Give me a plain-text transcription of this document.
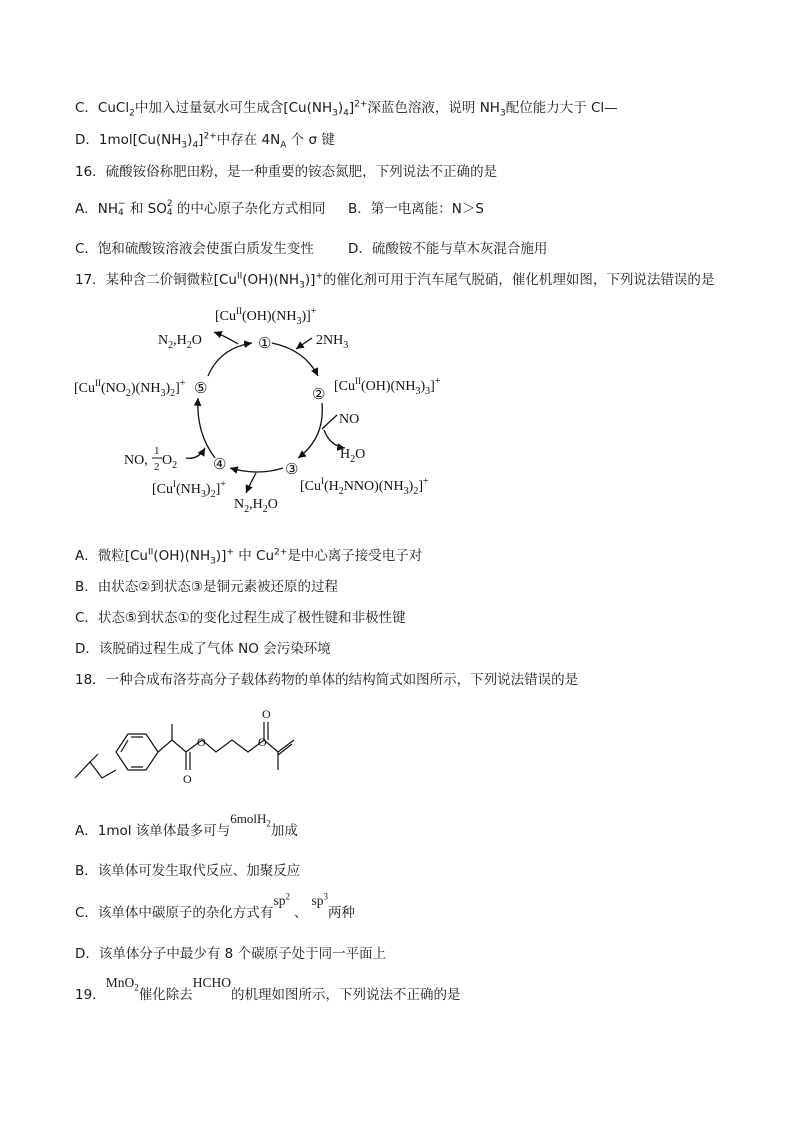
C．CuCl$_2$中加入过量氨水可生成含$[Cu(NH_3)_4]^{2+}$深蓝色溶液，说明 $NH_3$配位能力大于 Cl—
D．$1mol[Cu(NH_3)_4]^{2+}$中存在 $4N_A$ 个 σ 键
16．硫酸铵俗称肥田粉，是一种重要的铵态氮肥，下列说法不正确的是
A．NH −
4 和 SO 2
4 的中心原子杂化方式相同 B．第一电离能：N＞S
C．饱和硫酸铵溶液会使蛋白质发生变性	D．硫酸铵不能与草木灰混合施用
17．某种含二价铜微粒$[Cu^{II}(OH)(NH_3)]^+$的催化剂可用于汽车尾气脱硝，催化机理如图，下列说法错误的是
①
②
③
④
⑤
$[Cu^{II}(OH)(NH_3)]^+$
$[Cu^{II}(OH)(NH_3)_3]^+$
$[Cu^I(H_2NNO)(NH_3)_2]^+$
$[Cu^I(NH_3)_2]^+$
$[Cu^{II}(NO_2)(NH_3)_2]^+$
$N_2,H_2O$	$2NH_3$
NO
$H_2O$
$N_2,H_2O$
NO,
1
2 $O_2$
A．微粒$[Cu^{II}(OH)(NH_3)]^+$ 中 $Cu^{2+}$是中心离子接受电子对
B．由状态②到状态③是铜元素被还原的过程
C．状态⑤到状态①的变化过程生成了极性键和非极性键
D．该脱硝过程生成了气体 NO 会污染环境
18．一种合成布洛芬高分子载体药物的单体的结构简式如图所示，下列说法错误的是
O	O
O
O
A．1mol 该单体最多可与6molH$_2$加成
B．该单体可发生取代反应、加聚反应
C．该单体中碳原子的杂化方式有$sp^2$、$sp^3$两种
D．该单体分子中最少有 8 个碳原子处于同一平面上
19．MnO$_2$催化除去HCHO的机理如图所示，下列说法不正确的是
